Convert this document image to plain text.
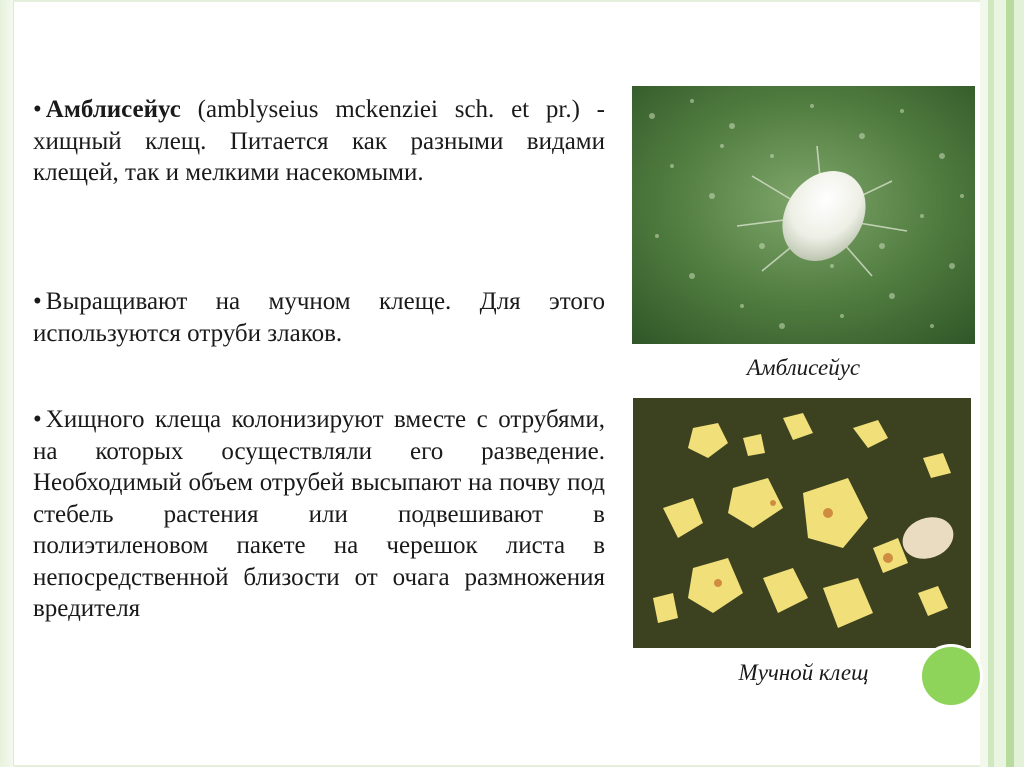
• Амблисейус (amblyseius mckenziei sch. et pr.) - хищный клещ. Питается как разными видами клещей, так и мелкими насекомыми.
• Выращивают на мучном клеще. Для этого используются отруби злаков.
• Хищного клеща колонизируют вместе с отрубями, на которых осуществляли его разведение. Необходимый объем отрубей высыпают на почву под стебель растения или подвешивают в полиэтиленовом пакете на черешок листа в непосредственной близости от очага размножения вредителя
Амблисейус
Мучной клещ
